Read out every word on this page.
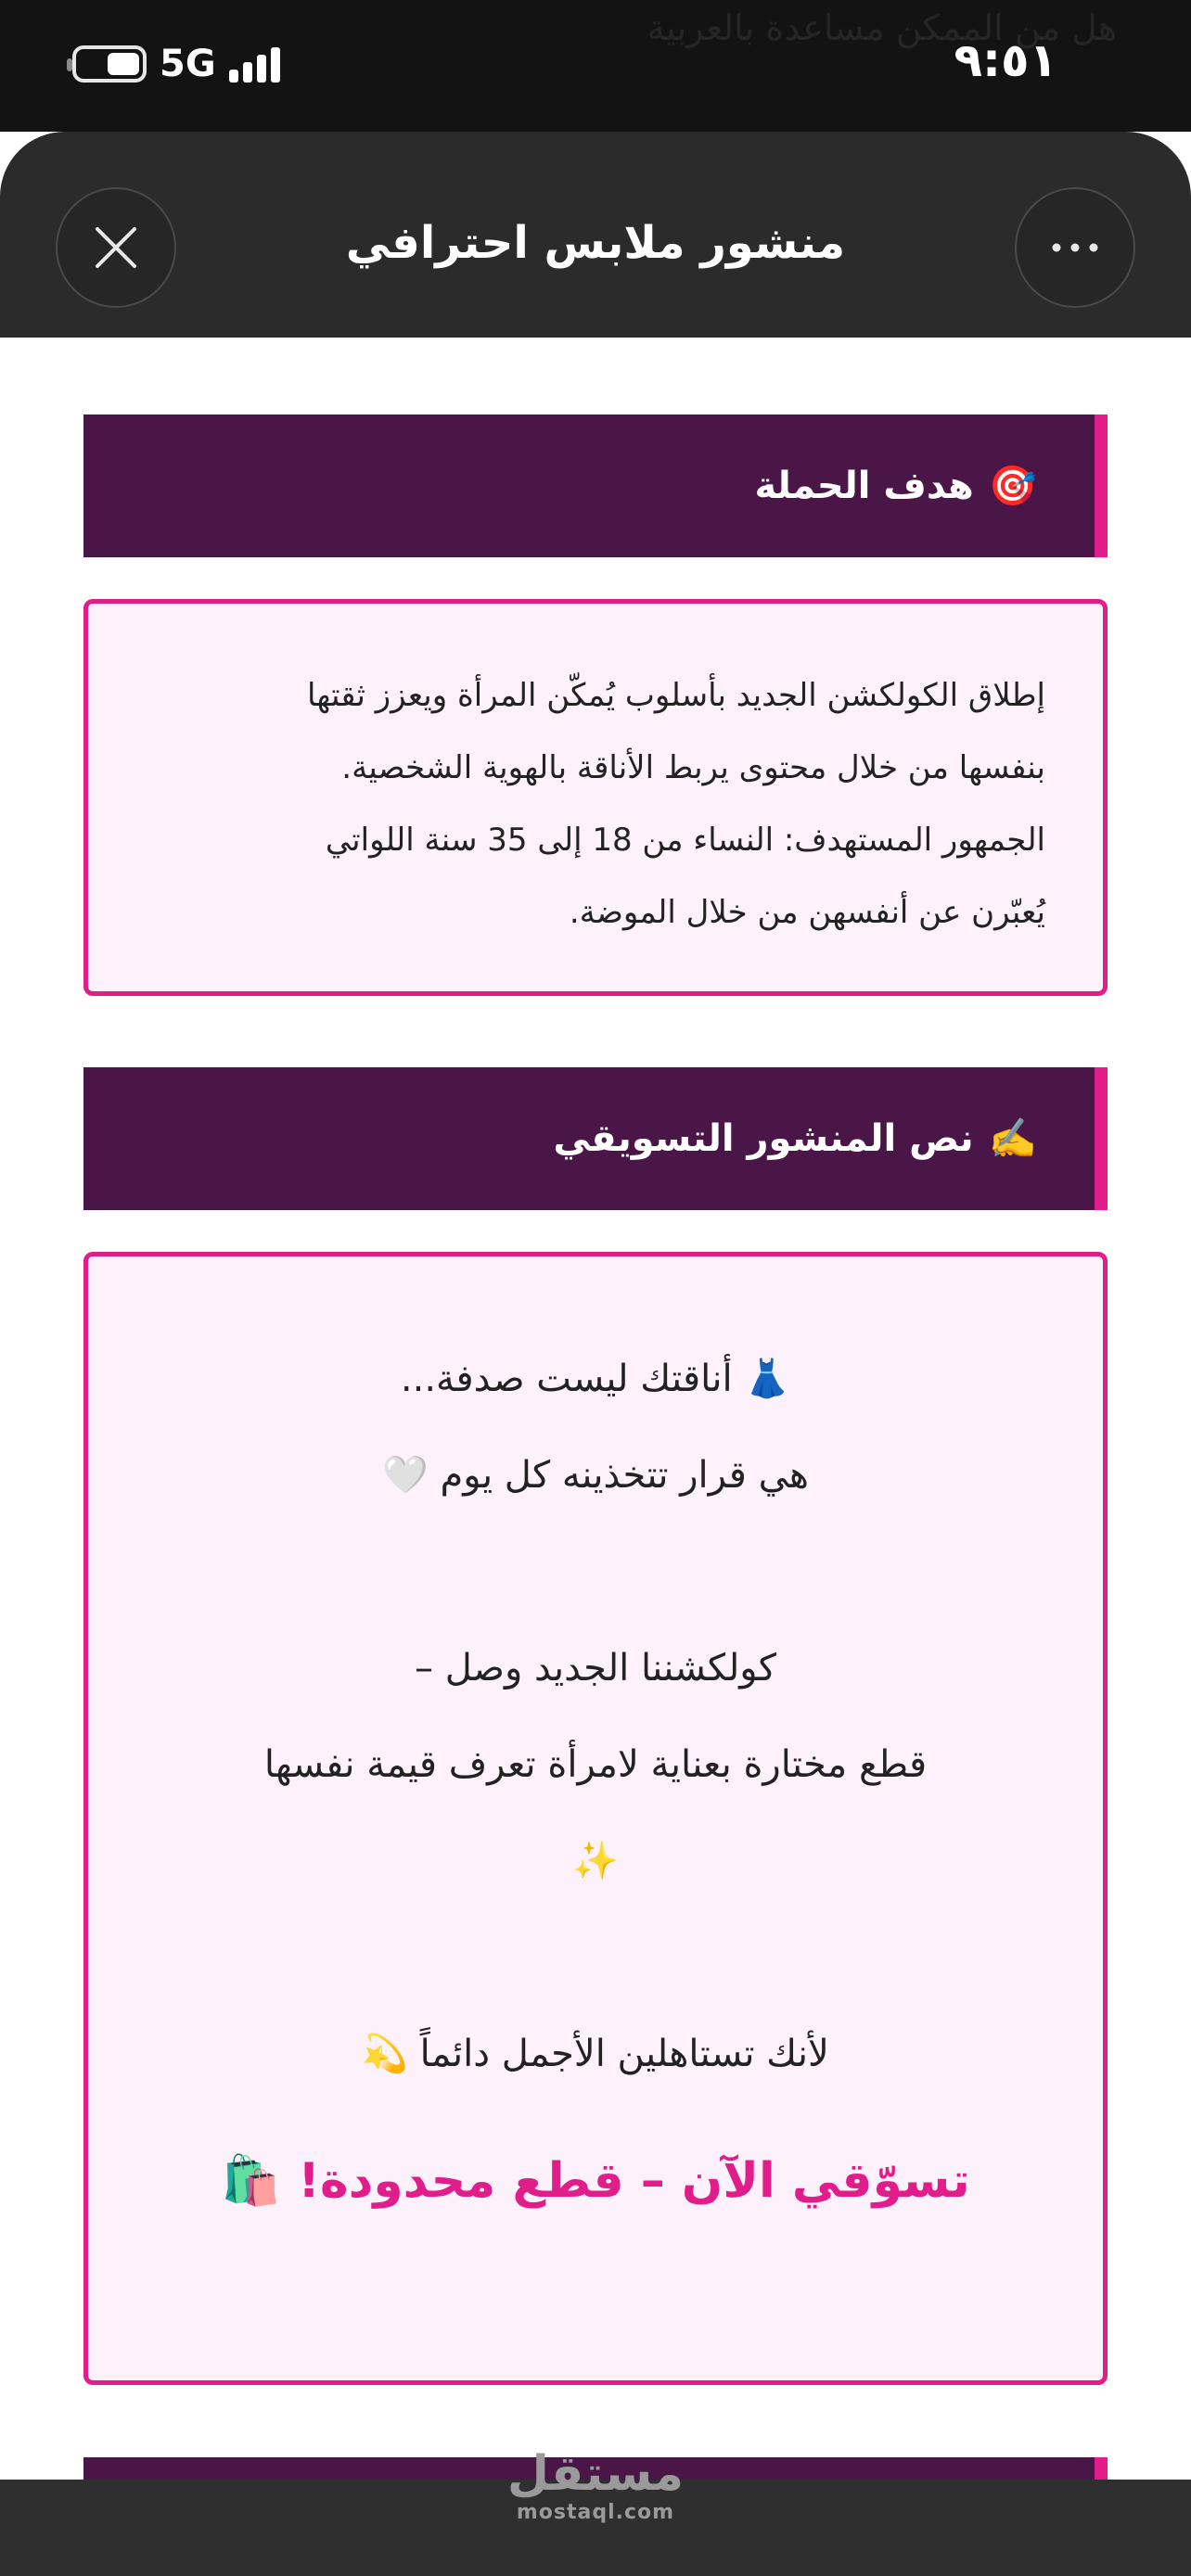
هل من الممكن مساعدة بالعربية
5G	٩:٥١
منشور ملابس احترافي
🎯
هدف الحملة

إطلاق الكولكشن الجديد بأسلوب يُمكّن المرأة ويعزز ثقتها

بنفسها من خلال محتوى يربط الأناقة بالهوية الشخصية.

الجمهور المستهدف: النساء من 18 إلى 35 سنة اللواتي

يُعبّرن عن أنفسهن من خلال الموضة.

✍️
نص المنشور التسويقي
👗 أناقتك ليست صدفة...
هي قرار تتخذينه كل يوم 🤍
كولكشننا الجديد وصل –
قطع مختارة بعناية لامرأة تعرف قيمة نفسها
✨
لأنك تستاهلين الأجمل دائماً 💫
تسوّقي الآن – قطع محدودة! 🛍️
مستقل
mostaql.com
